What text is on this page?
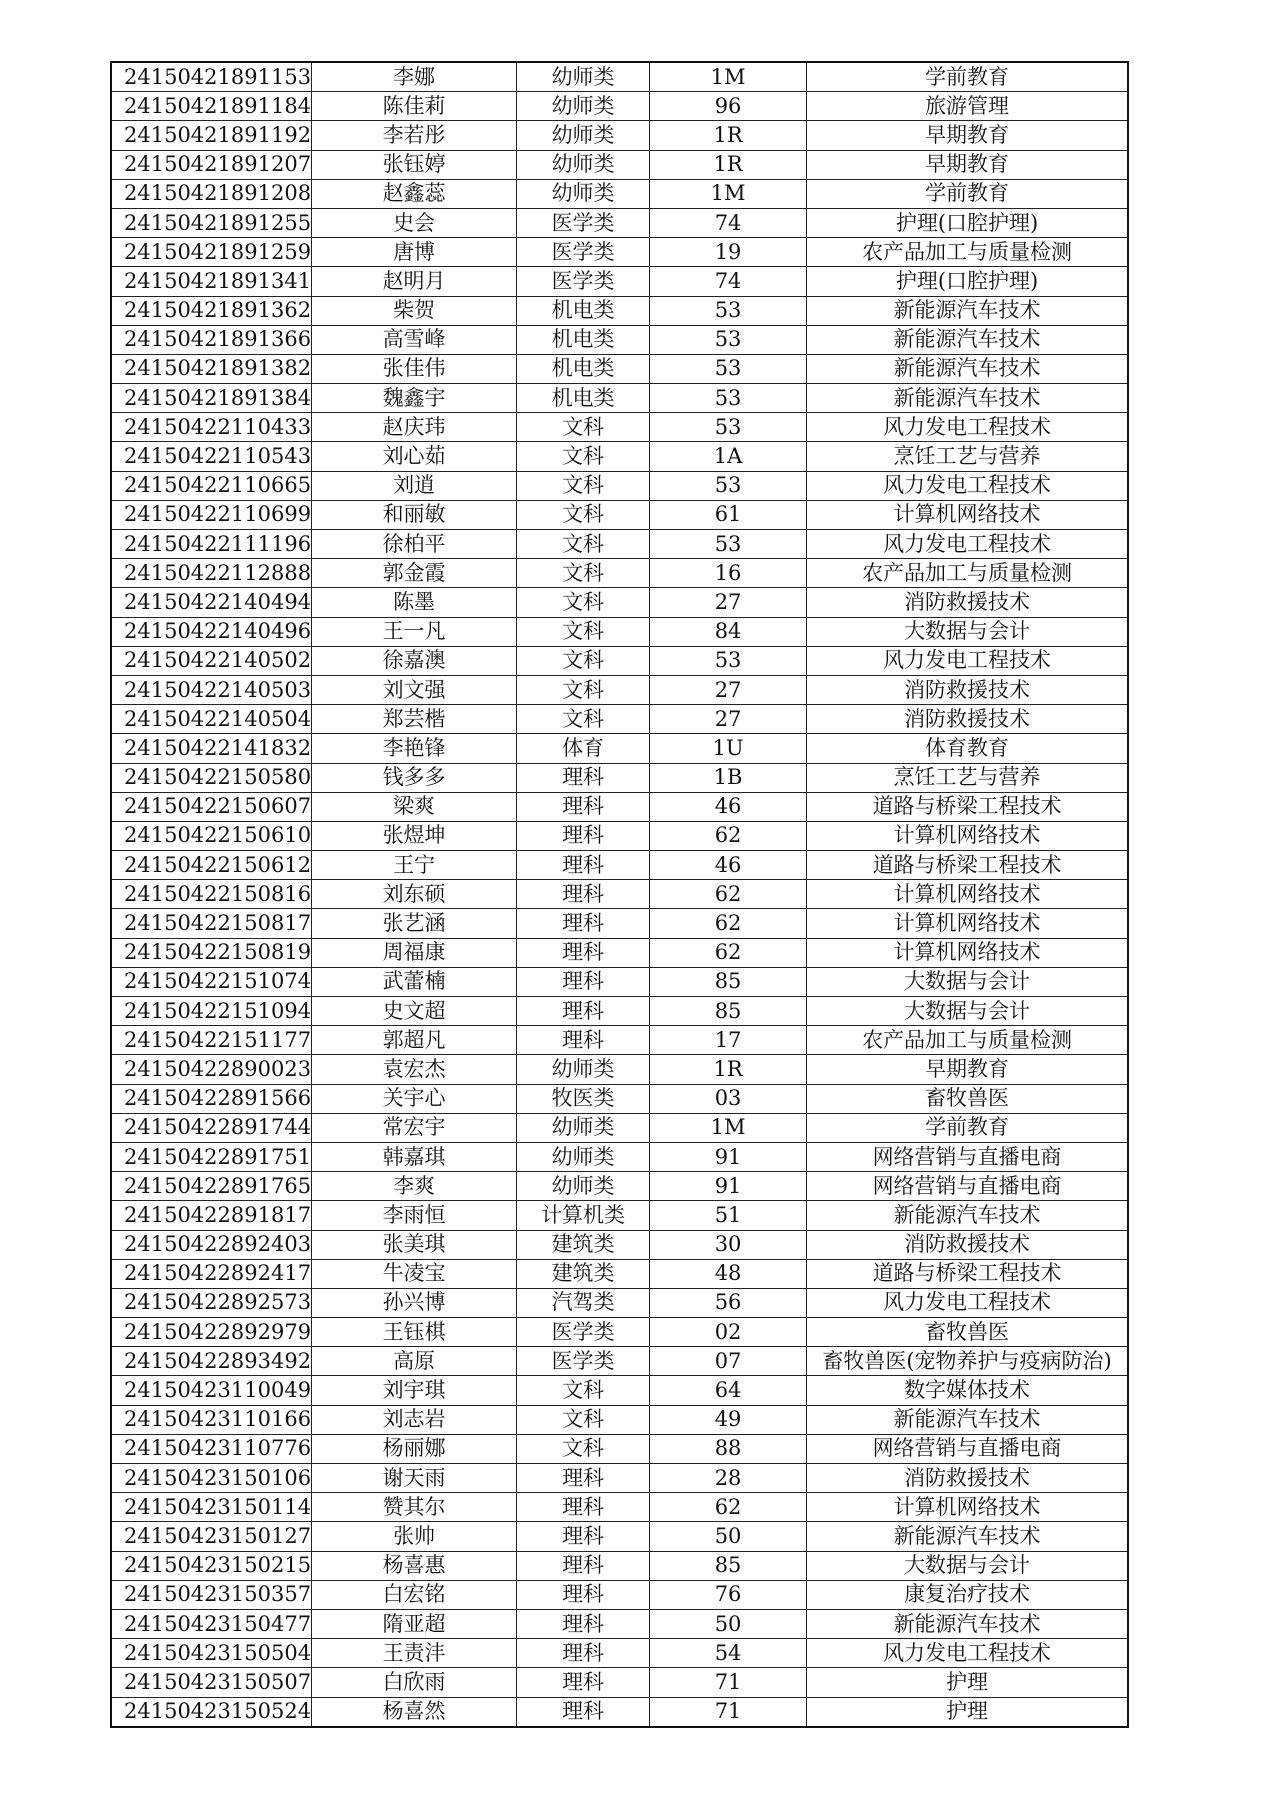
24150421891153	李娜	幼师类	1M	学前教育
24150421891184	陈佳莉	幼师类	96	旅游管理
24150421891192	李若彤	幼师类	1R	早期教育
24150421891207	张钰婷	幼师类	1R	早期教育
24150421891208	赵鑫蕊	幼师类	1M	学前教育
24150421891255	史会	医学类	74	护理(口腔护理)
24150421891259	唐博	医学类	19	农产品加工与质量检测
24150421891341	赵明月	医学类	74	护理(口腔护理)
24150421891362	柴贺	机电类	53	新能源汽车技术
24150421891366	高雪峰	机电类	53	新能源汽车技术
24150421891382	张佳伟	机电类	53	新能源汽车技术
24150421891384	魏鑫宇	机电类	53	新能源汽车技术
24150422110433	赵庆玮	文科	53	风力发电工程技术
24150422110543	刘心茹	文科	1A	烹饪工艺与营养
24150422110665	刘逍	文科	53	风力发电工程技术
24150422110699	和丽敏	文科	61	计算机网络技术
24150422111196	徐柏平	文科	53	风力发电工程技术
24150422112888	郭金霞	文科	16	农产品加工与质量检测
24150422140494	陈墨	文科	27	消防救援技术
24150422140496	王一凡	文科	84	大数据与会计
24150422140502	徐嘉澳	文科	53	风力发电工程技术
24150422140503	刘文强	文科	27	消防救援技术
24150422140504	郑芸楷	文科	27	消防救援技术
24150422141832	李艳锋	体育	1U	体育教育
24150422150580	钱多多	理科	1B	烹饪工艺与营养
24150422150607	梁爽	理科	46	道路与桥梁工程技术
24150422150610	张煜坤	理科	62	计算机网络技术
24150422150612	王宁	理科	46	道路与桥梁工程技术
24150422150816	刘东硕	理科	62	计算机网络技术
24150422150817	张艺涵	理科	62	计算机网络技术
24150422150819	周福康	理科	62	计算机网络技术
24150422151074	武蕾楠	理科	85	大数据与会计
24150422151094	史文超	理科	85	大数据与会计
24150422151177	郭超凡	理科	17	农产品加工与质量检测
24150422890023	袁宏杰	幼师类	1R	早期教育
24150422891566	关宇心	牧医类	03	畜牧兽医
24150422891744	常宏宇	幼师类	1M	学前教育
24150422891751	韩嘉琪	幼师类	91	网络营销与直播电商
24150422891765	李爽	幼师类	91	网络营销与直播电商
24150422891817	李雨恒	计算机类	51	新能源汽车技术
24150422892403	张美琪	建筑类	30	消防救援技术
24150422892417	牛凌宝	建筑类	48	道路与桥梁工程技术
24150422892573	孙兴博	汽驾类	56	风力发电工程技术
24150422892979	王钰棋	医学类	02	畜牧兽医
24150422893492	高原	医学类	07	畜牧兽医(宠物养护与疫病防治)
24150423110049	刘宇琪	文科	64	数字媒体技术
24150423110166	刘志岩	文科	49	新能源汽车技术
24150423110776	杨丽娜	文科	88	网络营销与直播电商
24150423150106	谢天雨	理科	28	消防救援技术
24150423150114	赞其尔	理科	62	计算机网络技术
24150423150127	张帅	理科	50	新能源汽车技术
24150423150215	杨喜惠	理科	85	大数据与会计
24150423150357	白宏铭	理科	76	康复治疗技术
24150423150477	隋亚超	理科	50	新能源汽车技术
24150423150504	王责沣	理科	54	风力发电工程技术
24150423150507	白欣雨	理科	71	护理
24150423150524	杨喜然	理科	71	护理
